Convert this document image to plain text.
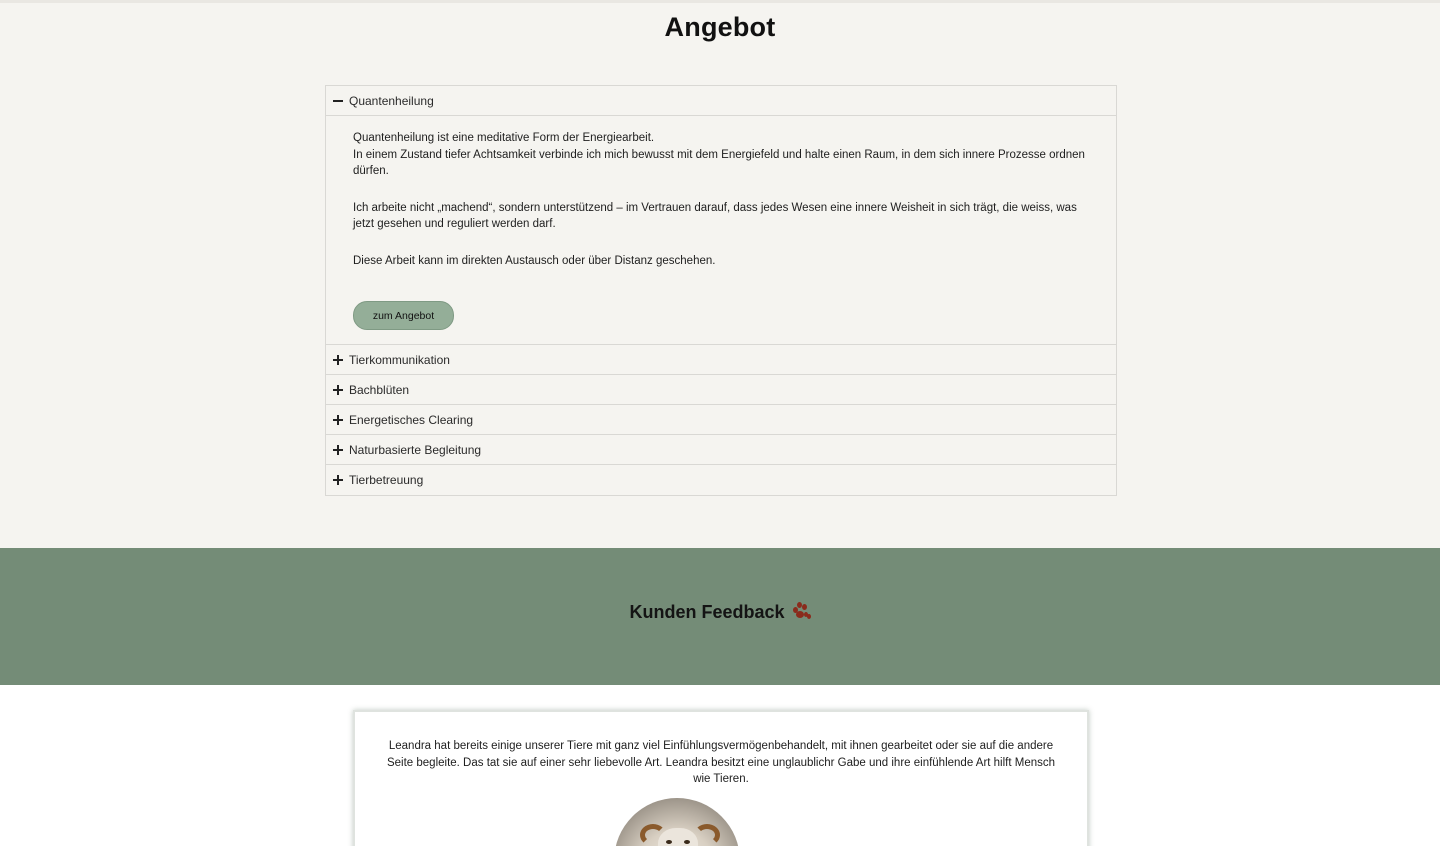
Angebot
Quantenheilung

Quantenheilung ist eine meditative Form der Energiearbeit.

In einem Zustand tiefer Achtsamkeit verbinde ich mich bewusst mit dem Energiefeld und halte einen Raum, in dem sich innere Prozesse ordnen dürfen.

Ich arbeite nicht „machend“, sondern unterstützend – im Vertrauen darauf, dass jedes Wesen eine innere Weisheit in sich trägt, die weiss, was jetzt gesehen und reguliert werden darf.

Diese Arbeit kann im direkten Austausch oder über Distanz geschehen.

zum Angebot
Tierkommunikation
Bachblüten
Energetisches Clearing
Naturbasierte Begleitung
Tierbetreuung
Kunden Feedback

Leandra hat bereits einige unserer Tiere mit ganz viel Einfühlungsvermögenbehandelt, mit ihnen gearbeitet oder sie auf die andere Seite begleite. Das tat sie auf einer sehr liebevolle Art. Leandra besitzt eine unglaublichr Gabe und ihre einfühlende Art hilft Mensch wie Tieren.
